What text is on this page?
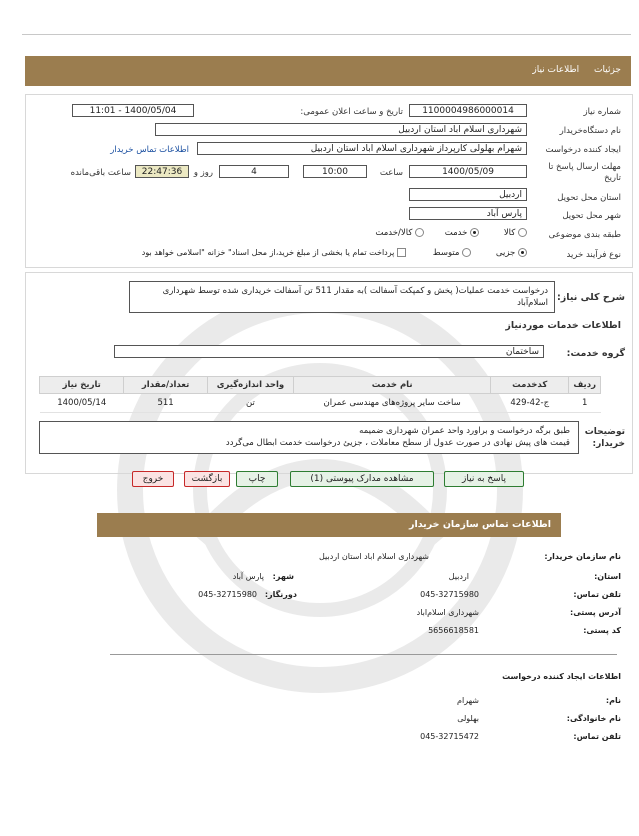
جزئیات اطلاعات نیاز
شماره نیاز
1100004986000014
تاریخ و ساعت اعلان عمومی:
1400/05/04 - 11:01
نام دستگاه‌خریدار
شهرداری اسلام اباد استان اردبیل
ایجاد کننده درخواست
شهرام بهلولی کارپرداز شهرداری اسلام اباد استان اردبیل
اطلاعات تماس خریدار
مهلت ارسال پاسخ تا تاریخ
1400/05/09
ساعت
10:00
4
روز و
22:47:36
ساعت باقی‌مانده
استان محل تحویل
اردبیل
شهر محل تحویل
پارس آباد
طبقه بندی موضوعی
کالا  خدمت  کالا/خدمت
نوع فرآیند خرید
جزیی  متوسط  پرداخت تمام یا بخشی از مبلغ خرید،از محل اسناد" خزانه "اسلامی خواهد بود
شرح کلی نیاز:
درخواست خدمت عملیات( پخش و کمپکت آسفالت )به مقدار 511 تن آسفالت خریداری شده توسط شهرداری اسلام‌آباد
اطلاعات خدمات موردنیاز
گروه خدمت:
ساختمان
ردیف	کدخدمت	نام خدمت	واحد اندازه‌گیری	تعداد/مقدار	تاریخ نیاز
1	ج-42-429	ساخت سایر پروژه‌های مهندسی عمران	تن	511	1400/05/14
توضیحات خریدار:
طبق برگه درخواست و براورد واحد عمران شهرداری ضمیمه
قیمت های پیش نهادی در صورت عدول از سطح معاملات ، جزیئ درخواست خدمت ابطال می‌گردد
پاسخ به نیاز
مشاهده مدارک پیوستی (1)
چاپ
بازگشت
خروج
اطلاعات تماس سازمان خریدار
نام سازمان خریدار:
شهرداری اسلام اباد استان اردبیل
استان:
اردبیل
شهر:
پارس آباد
تلفن تماس:
045-32715980
دورنگار:
045-32715980
آدرس پستی:
شهرداری اسلام‌اباد
کد پستی:
5656618581
اطلاعات ایجاد کننده درخواست
نام:
شهرام
نام خانوادگی:
بهلولی
تلفن تماس:
045-32715472
